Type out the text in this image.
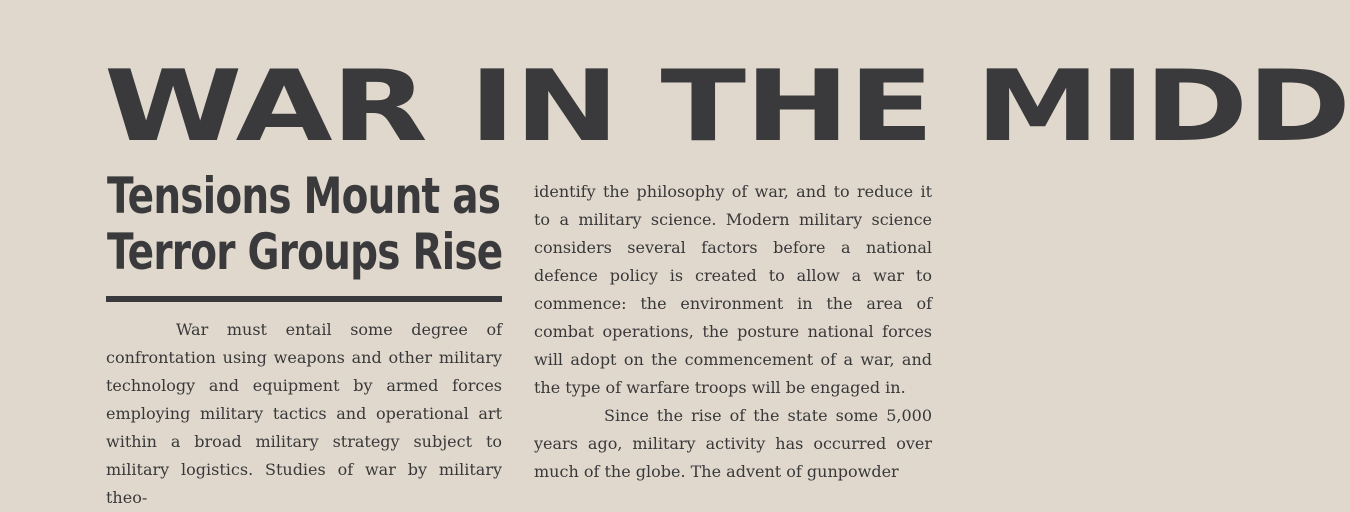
WAR IN THE MIDD
Tensions Mount as
Terror Groups Rise

War must entail some degree of confrontation using weapons and other military technology and equipment by armed forces employing military tactics and operational art within a broad military strategy subject to military logistics. Studies of war by military theo-

identify the philosophy of war, and to reduce it to a military science. Modern military science considers several factors before a national defence policy is created to allow a war to commence: the environment in the area of combat operations, the posture national forces will adopt on the commencement of a war, and the type of warfare troops will be engaged in.

Since the rise of the state some 5,000 years ago, military activity has occurred over much of the globe. The advent of gunpowder
